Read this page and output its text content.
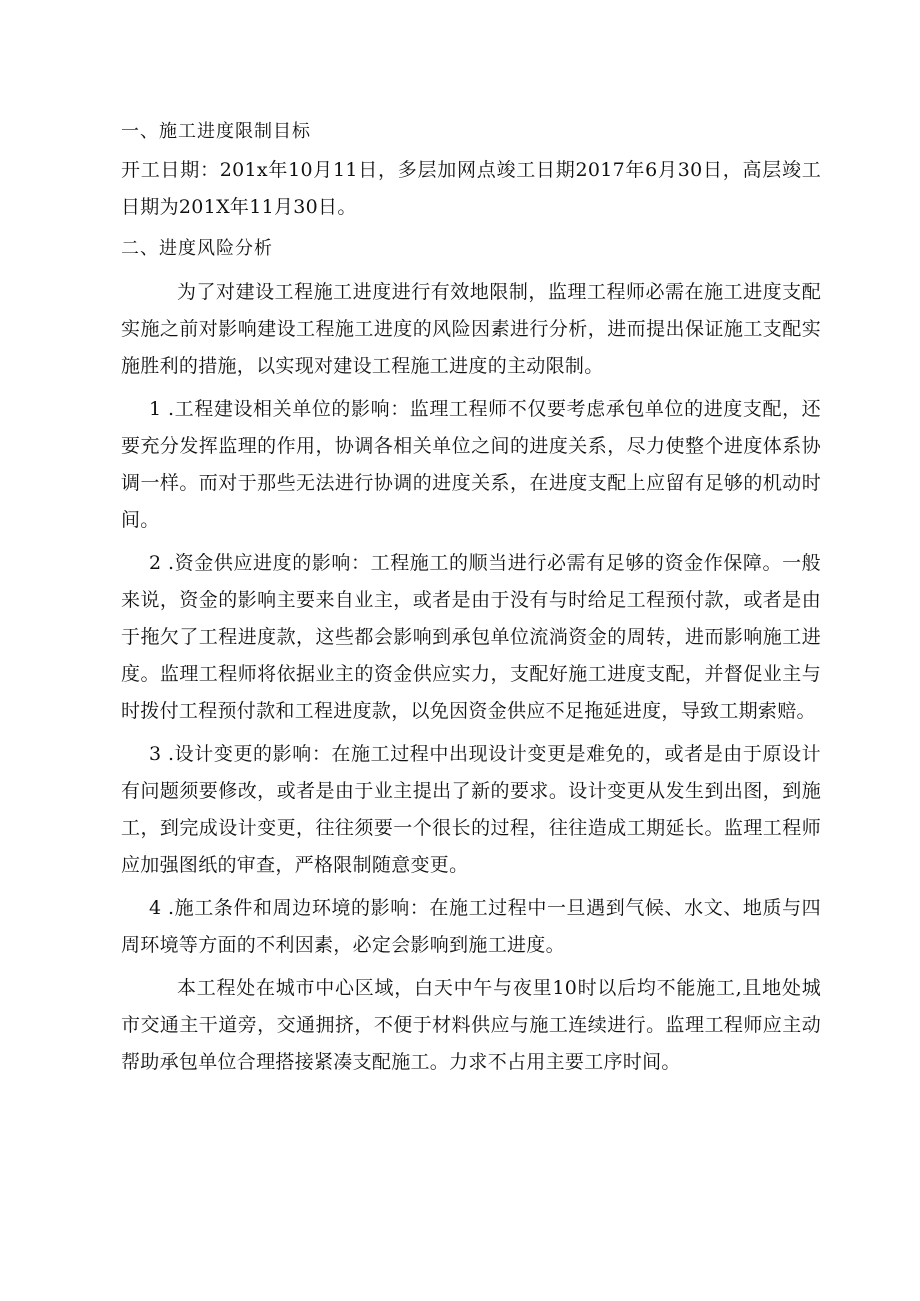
一、施工进度限制目标

开工日期：201x年10月11日，多层加网点竣工日期2017年6月30日，高层竣工日期为201X年11月30日。

二、进度风险分析

为了对建设工程施工进度进行有效地限制，监理工程师必需在施工进度支配实施之前对影响建设工程施工进度的风险因素进行分析，进而提出保证施工支配实施胜利的措施，以实现对建设工程施工进度的主动限制。

1 .工程建设相关单位的影响：监理工程师不仅要考虑承包单位的进度支配，还要充分发挥监理的作用，协调各相关单位之间的进度关系，尽力使整个进度体系协调一样。而对于那些无法进行协调的进度关系，在进度支配上应留有足够的机动时间。

2 .资金供应进度的影响：工程施工的顺当进行必需有足够的资金作保障。一般来说，资金的影响主要来自业主，或者是由于没有与时给足工程预付款，或者是由于拖欠了工程进度款，这些都会影响到承包单位流淌资金的周转，进而影响施工进度。监理工程师将依据业主的资金供应实力，支配好施工进度支配，并督促业主与时拨付工程预付款和工程进度款，以免因资金供应不足拖延进度，导致工期索赔。

3 .设计变更的影响：在施工过程中出现设计变更是难免的，或者是由于原设计有问题须要修改，或者是由于业主提出了新的要求。设计变更从发生到出图，到施工，到完成设计变更，往往须要一个很长的过程，往往造成工期延长。监理工程师应加强图纸的审查，严格限制随意变更。

4 .施工条件和周边环境的影响：在施工过程中一旦遇到气候、水文、地质与四周环境等方面的不利因素，必定会影响到施工进度。

本工程处在城市中心区域，白天中午与夜里10时以后均不能施工,且地处城市交通主干道旁，交通拥挤，不便于材料供应与施工连续进行。监理工程师应主动帮助承包单位合理搭接紧凑支配施工。力求不占用主要工序时间。
